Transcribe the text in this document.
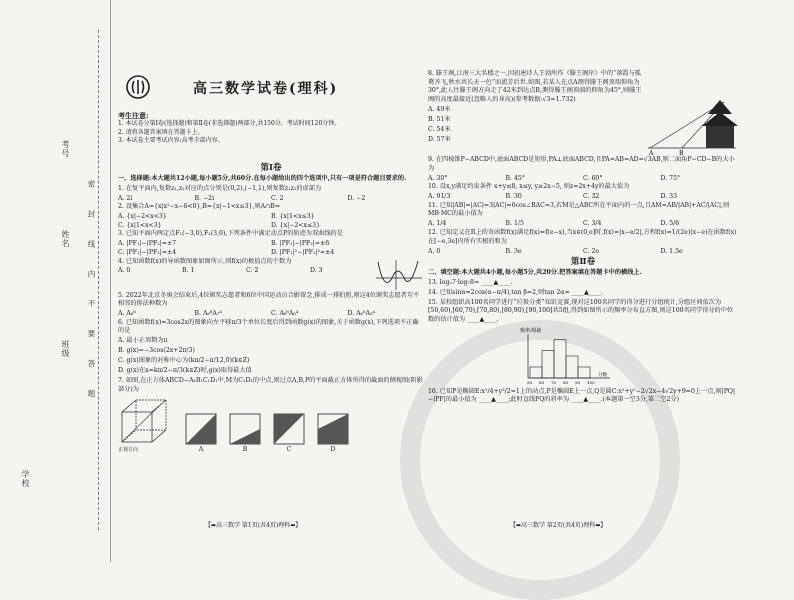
学校
班级
姓名
考号
密 封 线 内 不 要 答 题
高三数学试卷(理科)
考生注意:
1. 本试卷分第Ⅰ卷(选择题)和第Ⅱ卷(非选择题)两部分,共150分。考试时间120分钟。
2. 请将各题答案填在答题卡上。
3. 本试卷主要考试内容:高考全部内容。
第Ⅰ卷

一、选择题:本大题共12小题,每小题5分,共60分.在每小题给出的四个选项中,只有一项是符合题目要求的.

1. 在复平面内,复数z₁,z₂对应的点分别是(0,2),(−1,1),则复数z₁z₂的虚部为

A. 2i	B. −2i	C. 2	D. −2

2. 设集合A={x|x²−x−6<0},B={x|−1<x≤3},则A∩B=

A. {x|−2<x<3}	B. {x|1<x≤3}
C. {x|1<x<3}	D. {x|−2<x≤3}

3. 已知平面内两定点F₁(−3,0),F₂(3,0),下列条件中满足动点P的轨迹为双曲线的是

A. |PF₁|−|PF₂|=±7	B. |PF₁|−|PF₂|=±6
C. |PF₁|−|PF₂|=±4	D. |PF₁|²−|PF₂|²=±4

4. 已知函数f(x)的导函数图象如图所示,则f(x)的极值点的个数为

A. 0	B. 1	C. 2	D. 3

5. 2022年北京冬奥会结束后,4位颁奖志愿者和6位中国运动员合影留念,排成一排拍照,则这4位颁奖志愿者互不相邻的排法种数为

A. A₆⁶	B. A₆⁶A₇⁴	C. A₆⁶A₆⁴	D. A₆⁶A₅⁴

6. 已知函数f(x)=3cos2x的图象向左平移π/3个单位长度后得到函数g(x)的图象,关于函数g(x),下列选项不正确的是

A. 最小正周期为π

B. g(x)=−3cos(2x+2π/3)

C. g(x)图象的对称中心为(kπ/2−π/12,0)(k∈Z)

D. g(x)在x=kπ/2−π/3(k∈Z)时,g(x)取得最大值

7. 如图,在正方体ABCD−A₁B₁C₁D₁中,M为C₁D₁的中点,则过点A,B,P的平面截正方体所得的截面的侧视图(阴影部分)为

正视方向	A	B	C	D

8. 滕王阁,江南三大名楼之一,因初唐诗人王勃所作《滕王阁序》中的“落霞与孤鹜齐飞,秋水共长天一色”而流芳后世.如图,若某人在点A测得滕王阁顶端仰角为30°,此人往滕王阁方向走了42米到达点B,测得滕王阁顶端的仰角为45°,则滕王阁的高度最接近(忽略人的身高)(参考数据:√3≈1.732)

A. 49米

B. 51米

C. 54米

D. 57米

A	B

9. 在四棱锥P−ABCD中,底面ABCD是矩形,PA⊥底面ABCD,且PA=AB=AD=√3AB,则二面角P−CD−B的大小为

A. 30°	B. 45°	C. 60°	D. 75°

10. 设x,y满足约束条件 x+y≤8, x≤y, y≥2x−5, 则z=2x+4y的最大值为

A. 91/3	B. 30	C. 32	D. 33

11. 已知|AB|=|AC|=3|AC|=6cos∠BAC=3,若M是△ABC所在平面内的一点,且AM=AB/|AB|+AC/|AC|,则MB·MC的最小值为

A. 1/4	B. 1/5	C. 3/4	D. 5/6

12. 已知定义在R上的奇函数f(x)满足f(x)=f(e−x),当x∈(0,e]时,f(x)=|x−e/2|,方程f(x)=1/(2e)(x−e)在函数f(x)在[−e,3e]内所有实根的和为

A. 0	B. 3e	C. 2e	D. 1.5e
第Ⅱ卷

二、填空题:本大题共4小题,每小题5分,共20分.把答案填在答题卡中的横线上.

13. log₂7·log₇8= ____▲____.

14. 已知sinα=2cos(α−π/4),tan β=2,则tan 2α= ____▲____.

15. 某校组织高100名同学进行“垃圾分类”知识竞赛,现对这100名同学的得分进行分组统计,分组区间依次为[50,60),[60,70),[70,80),[80,90),[90,100]共5组,得到如图所示的频率分布直方图,则这100名同学得分的中位数的估计值为 ____▲____.

频率/组距
50 60 70 80 90 100
分数

16. 已知P是椭圆E:x²/4+y²/2=1上的动点,P是椭圆E上一点,Q是圆C:x²+y²−2√2x−4√2y+9=0上一点,则|PQ|−|PF|的最小值为 ____▲____;此时直线PQ的斜率为 ____▲____.(本题第一空3分,第二空2分)

【➡高三数学 第1页(共4页)理科⬅】	【➡高三数学 第2页(共4页)理科⬅】
